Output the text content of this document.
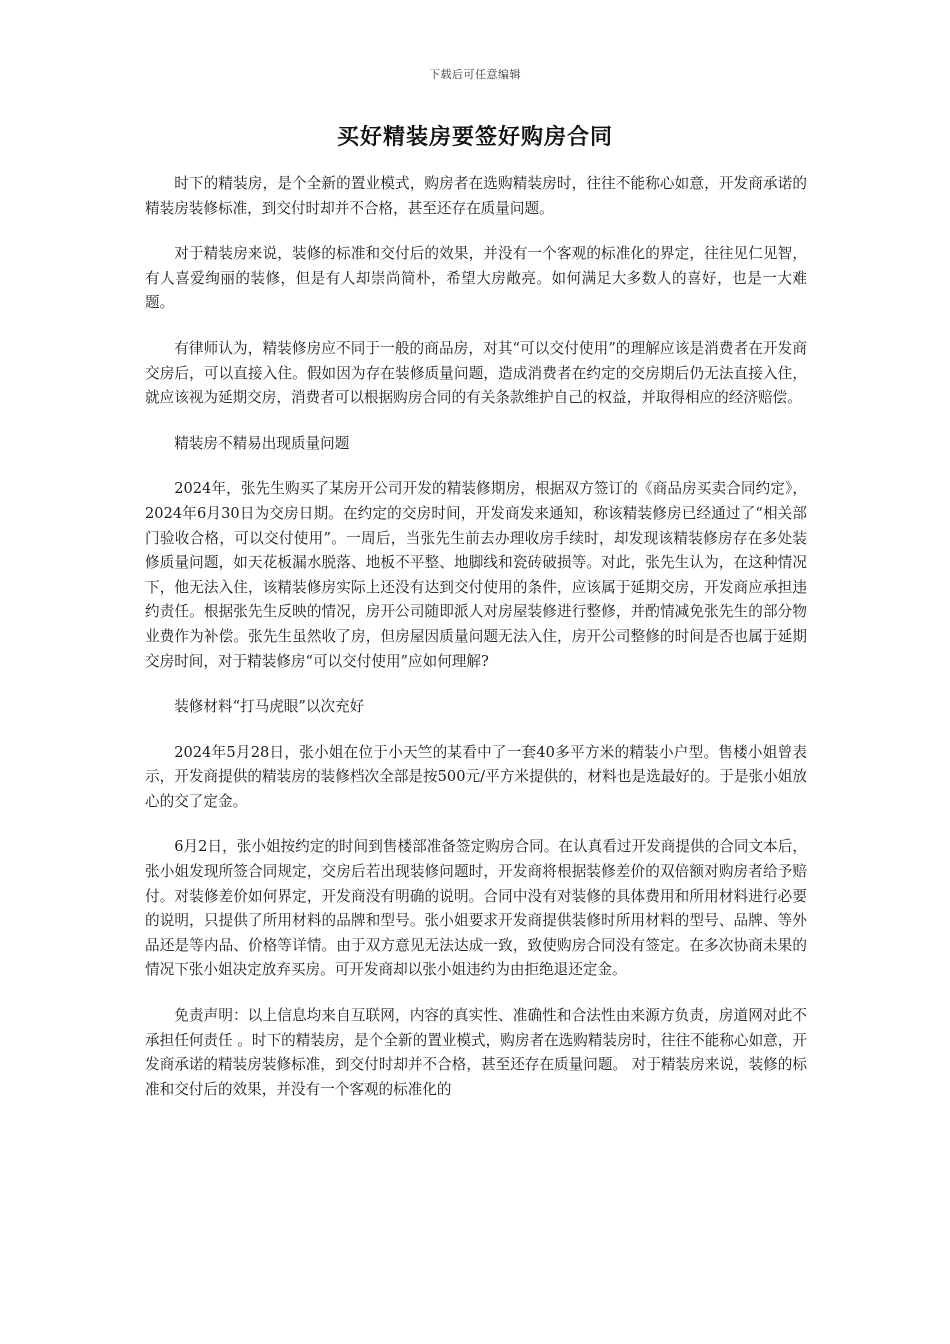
下载后可任意编辑
买好精装房要签好购房合同

时下的精装房，是个全新的置业模式，购房者在选购精装房时，往往不能称心如意，开发商承诺的精装房装修标准，到交付时却并不合格，甚至还存在质量问题。

对于精装房来说，装修的标准和交付后的效果，并没有一个客观的标准化的界定，往往见仁见智，有人喜爱绚丽的装修，但是有人却崇尚简朴，希望大房敞亮。如何满足大多数人的喜好，也是一大难题。

有律师认为，精装修房应不同于一般的商品房，对其“可以交付使用”的理解应该是消费者在开发商交房后，可以直接入住。假如因为存在装修质量问题，造成消费者在约定的交房期后仍无法直接入住，就应该视为延期交房，消费者可以根据购房合同的有关条款维护自己的权益，并取得相应的经济赔偿。

精装房不精易出现质量问题

2024年，张先生购买了某房开公司开发的精装修期房，根据双方签订的《商品房买卖合同约定》，2024年6月30日为交房日期。在约定的交房时间，开发商发来通知，称该精装修房已经通过了“相关部门验收合格，可以交付使用”。一周后，当张先生前去办理收房手续时，却发现该精装修房存在多处装修质量问题，如天花板漏水脱落、地板不平整、地脚线和瓷砖破损等。对此，张先生认为，在这种情况下，他无法入住，该精装修房实际上还没有达到交付使用的条件，应该属于延期交房，开发商应承担违约责任。根据张先生反映的情况，房开公司随即派人对房屋装修进行整修，并酌情减免张先生的部分物业费作为补偿。张先生虽然收了房，但房屋因质量问题无法入住，房开公司整修的时间是否也属于延期交房时间，对于精装修房“可以交付使用”应如何理解?

装修材料“打马虎眼”以次充好

2024年5月28日，张小姐在位于小天竺的某看中了一套40多平方米的精装小户型。售楼小姐曾表示，开发商提供的精装房的装修档次全部是按500元/平方米提供的，材料也是选最好的。于是张小姐放心的交了定金。

6月2日，张小姐按约定的时间到售楼部准备签定购房合同。在认真看过开发商提供的合同文本后，张小姐发现所签合同规定，交房后若出现装修问题时，开发商将根据装修差价的双倍额对购房者给予赔付。对装修差价如何界定，开发商没有明确的说明。合同中没有对装修的具体费用和所用材料进行必要的说明，只提供了所用材料的品牌和型号。张小姐要求开发商提供装修时所用材料的型号、品牌、等外品还是等内品、价格等详情。由于双方意见无法达成一致，致使购房合同没有签定。在多次协商未果的情况下张小姐决定放弃买房。可开发商却以张小姐违约为由拒绝退还定金。

免责声明：以上信息均来自互联网，内容的真实性、准确性和合法性由来源方负责，房道网对此不承担任何责任 。时下的精装房，是个全新的置业模式，购房者在选购精装房时，往往不能称心如意，开发商承诺的精装房装修标准，到交付时却并不合格，甚至还存在质量问题。 对于精装房来说，装修的标准和交付后的效果，并没有一个客观的标准化的
